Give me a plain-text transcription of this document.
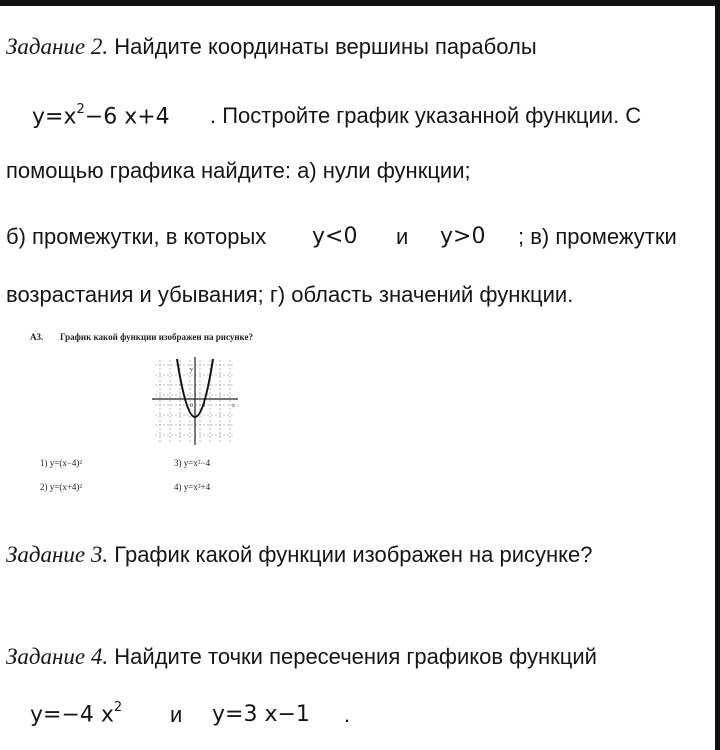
Задание 2. Найдите координаты вершины параболы
$y=x^2-6$ x+4 . Постройте график указанной функции. С
помощью графика найдите: а) нули функции;
б) промежутки, в которых y<0 и y>0 ; в) промежутки
возрастания и убывания; г) область значений функции.
А3. График какой функции изображен на рисунке?
y
0 1	x
1) y=(x−4)²	3) y=x²−4
2) y=(x+4)²	4) y=x²+4
Задание 3. График какой функции изображен на рисунке?
Задание 4. Найдите точки пересечения графиков функций
y=−4 $x^2$ и y=3 x−1 .
